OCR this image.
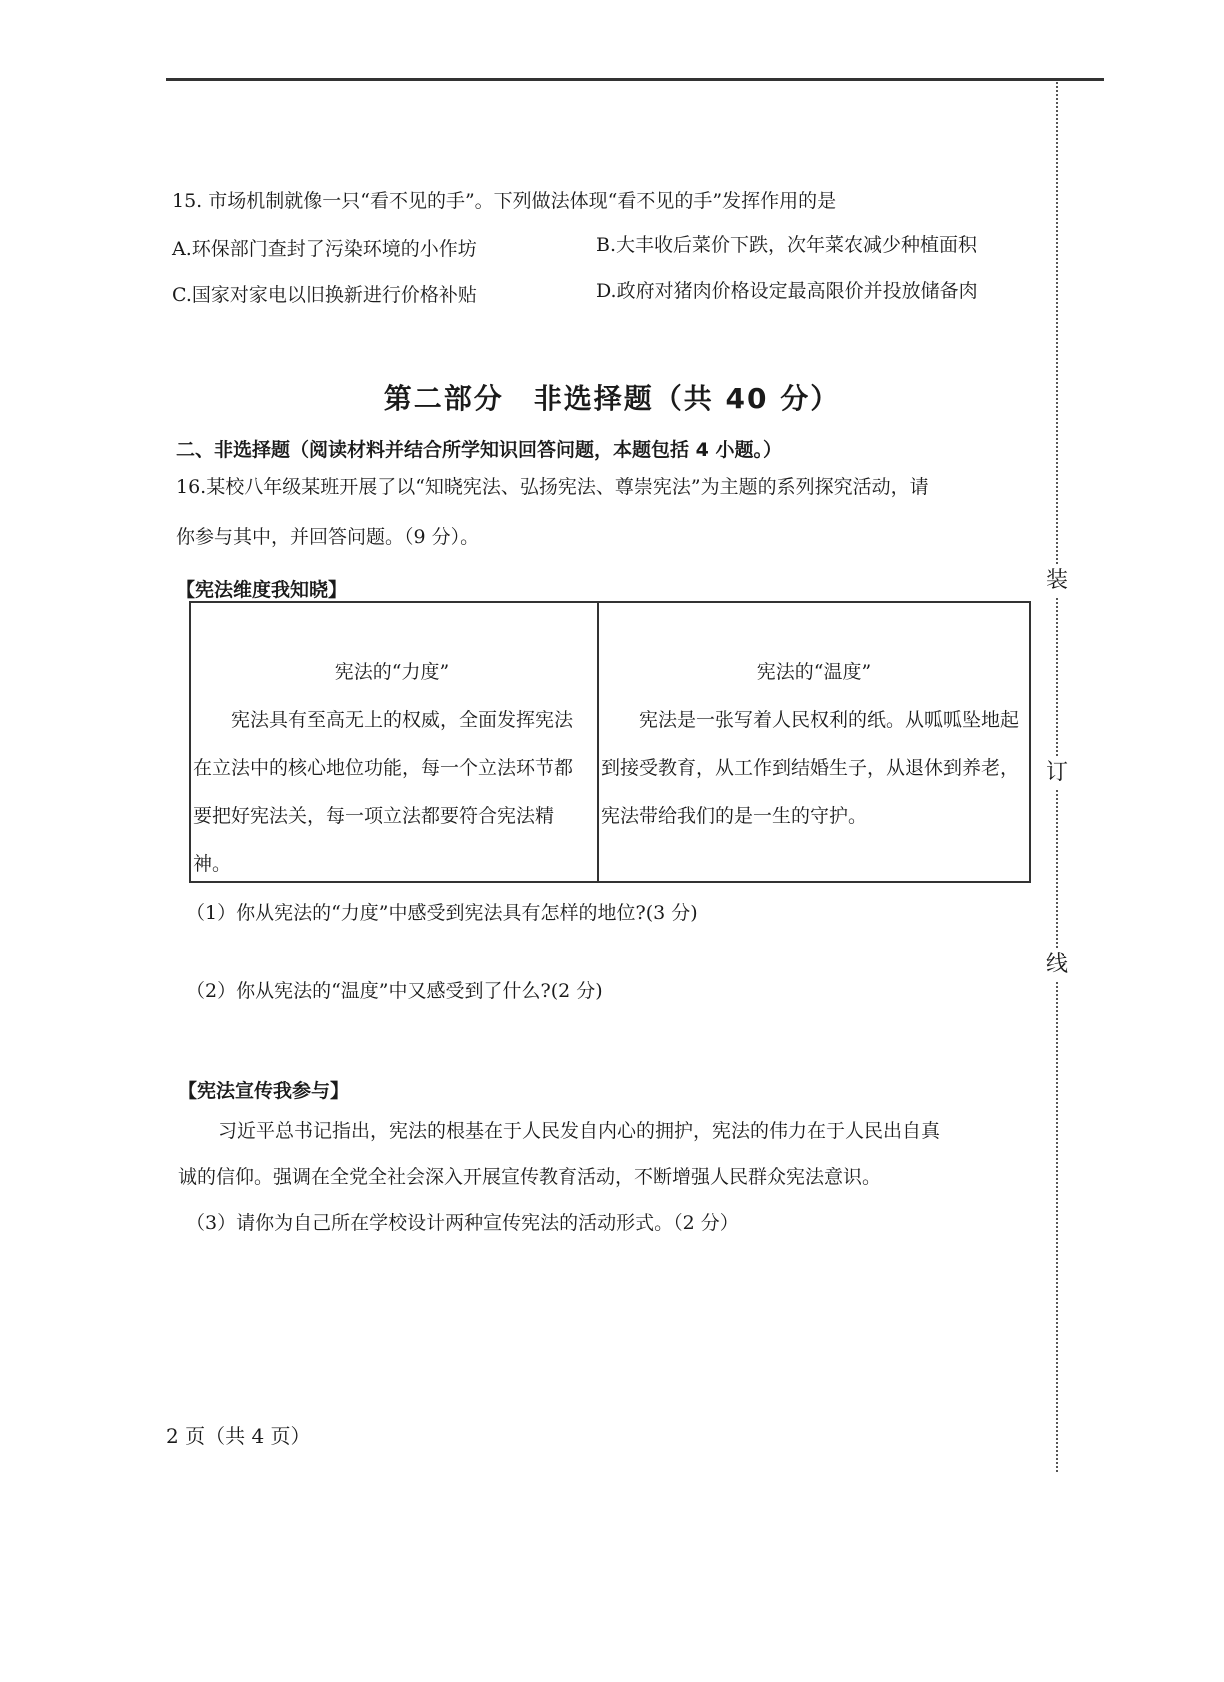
装
订
线
15. 市场机制就像一只“看不见的手”。下列做法体现“看不见的手”发挥作用的是
A.环保部门查封了污染环境的小作坊	B.大丰收后菜价下跌，次年菜农减少种植面积
C.国家对家电以旧换新进行价格补贴	D.政府对猪肉价格设定最高限价并投放储备肉
第二部分　非选择题（共 40 分）
二、非选择题（阅读材料并结合所学知识回答问题，本题包括 4 小题。）
16.某校八年级某班开展了以“知晓宪法、弘扬宪法、尊崇宪法”为主题的系列探究活动，请
你参与其中，并回答问题。（9 分）。
【宪法维度我知晓】
宪法的“力度”

宪法具有至高无上的权威，全面发挥宪法在立法中的核心地位功能，每一个立法环节都要把好宪法关，每一项立法都要符合宪法精神。

宪法的“温度”

宪法是一张写着人民权利的纸。从呱呱坠地起到接受教育，从工作到结婚生子，从退休到养老，宪法带给我们的是一生的守护。

（1）你从宪法的“力度”中感受到宪法具有怎样的地位?(3 分)
（2）你从宪法的“温度”中又感受到了什么?(2 分)
【宪法宣传我参与】
习近平总书记指出，宪法的根基在于人民发自内心的拥护，宪法的伟力在于人民出自真
诚的信仰。强调在全党全社会深入开展宣传教育活动，不断增强人民群众宪法意识。
（3）请你为自己所在学校设计两种宣传宪法的活动形式。（2 分）
2 页（共 4 页）
